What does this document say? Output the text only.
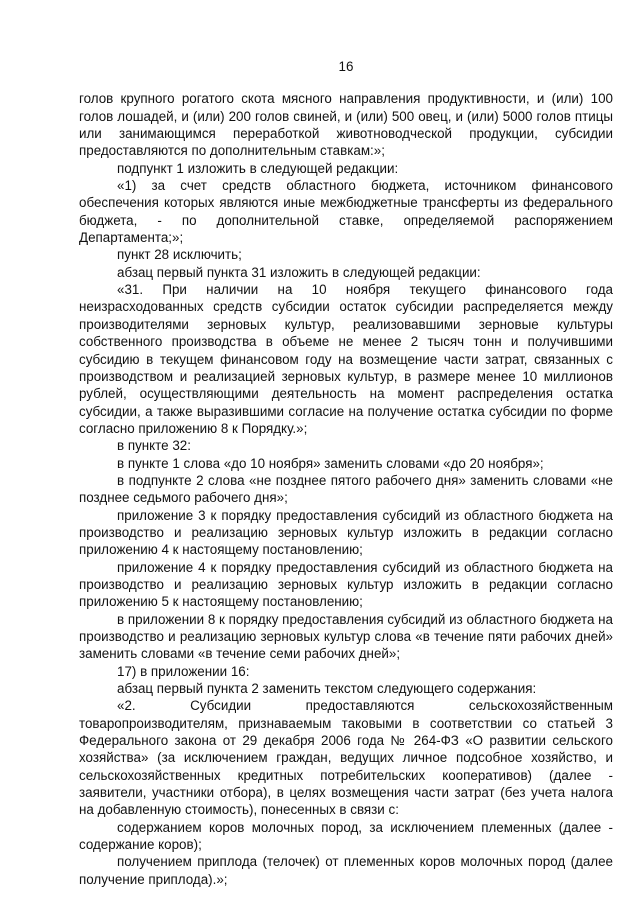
16

голов крупного рогатого скота мясного направления продуктивности, и (или) 100 голов лошадей, и (или) 200 голов свиней, и (или) 500 овец, и (или) 5000 голов птицы или занимающимся переработкой животноводческой продукции, субсидии предоставляются по дополнительным ставкам:»;

подпункт 1 изложить в следующей редакции:

«1) за счет средств областного бюджета, источником финансового обеспечения которых являются иные межбюджетные трансферты из федерального бюджета, - по дополнительной ставке, определяемой распоряжением Департамента;»;

пункт 28 исключить;

абзац первый пункта 31 изложить в следующей редакции:

«31. При наличии на 10 ноября текущего финансового года неизрасходованных средств субсидии остаток субсидии распределяется между производителями зерновых культур, реализовавшими зерновые культуры собственного производства в объеме не менее 2 тысяч тонн и получившими субсидию в текущем финансовом году на возмещение части затрат, связанных с производством и реализацией зерновых культур, в размере менее 10 миллионов рублей, осуществляющими деятельность на момент распределения остатка субсидии, а также выразившими согласие на получение остатка субсидии по форме согласно приложению 8 к Порядку.»;

в пункте 32:

в пункте 1 слова «до 10 ноября» заменить словами «до 20 ноября»;

в подпункте 2 слова «не позднее пятого рабочего дня» заменить словами «не позднее седьмого рабочего дня»;

приложение 3 к порядку предоставления субсидий из областного бюджета на производство и реализацию зерновых культур изложить в редакции согласно приложению 4 к настоящему постановлению;

приложение 4 к порядку предоставления субсидий из областного бюджета на производство и реализацию зерновых культур изложить в редакции согласно приложению 5 к настоящему постановлению;

в приложении 8 к порядку предоставления субсидий из областного бюджета на производство и реализацию зерновых культур слова «в течение пяти рабочих дней» заменить словами «в течение семи рабочих дней»;

17) в приложении 16:

абзац первый пункта 2 заменить текстом следующего содержания:

«2. Субсидии предоставляются сельскохозяйственным товаропроизводителям, признаваемым таковыми в соответствии со статьей 3 Федерального закона от 29 декабря 2006 года № 264-ФЗ «О развитии сельского хозяйства» (за исключением граждан, ведущих личное подсобное хозяйство, и сельскохозяйственных кредитных потребительских кооперативов) (далее - заявители, участники отбора), в целях возмещения части затрат (без учета налога на добавленную стоимость), понесенных в связи с:

содержанием коров молочных пород, за исключением племенных (далее - содержание коров);

получением приплода (телочек) от племенных коров молочных пород (далее получение приплода).»;
